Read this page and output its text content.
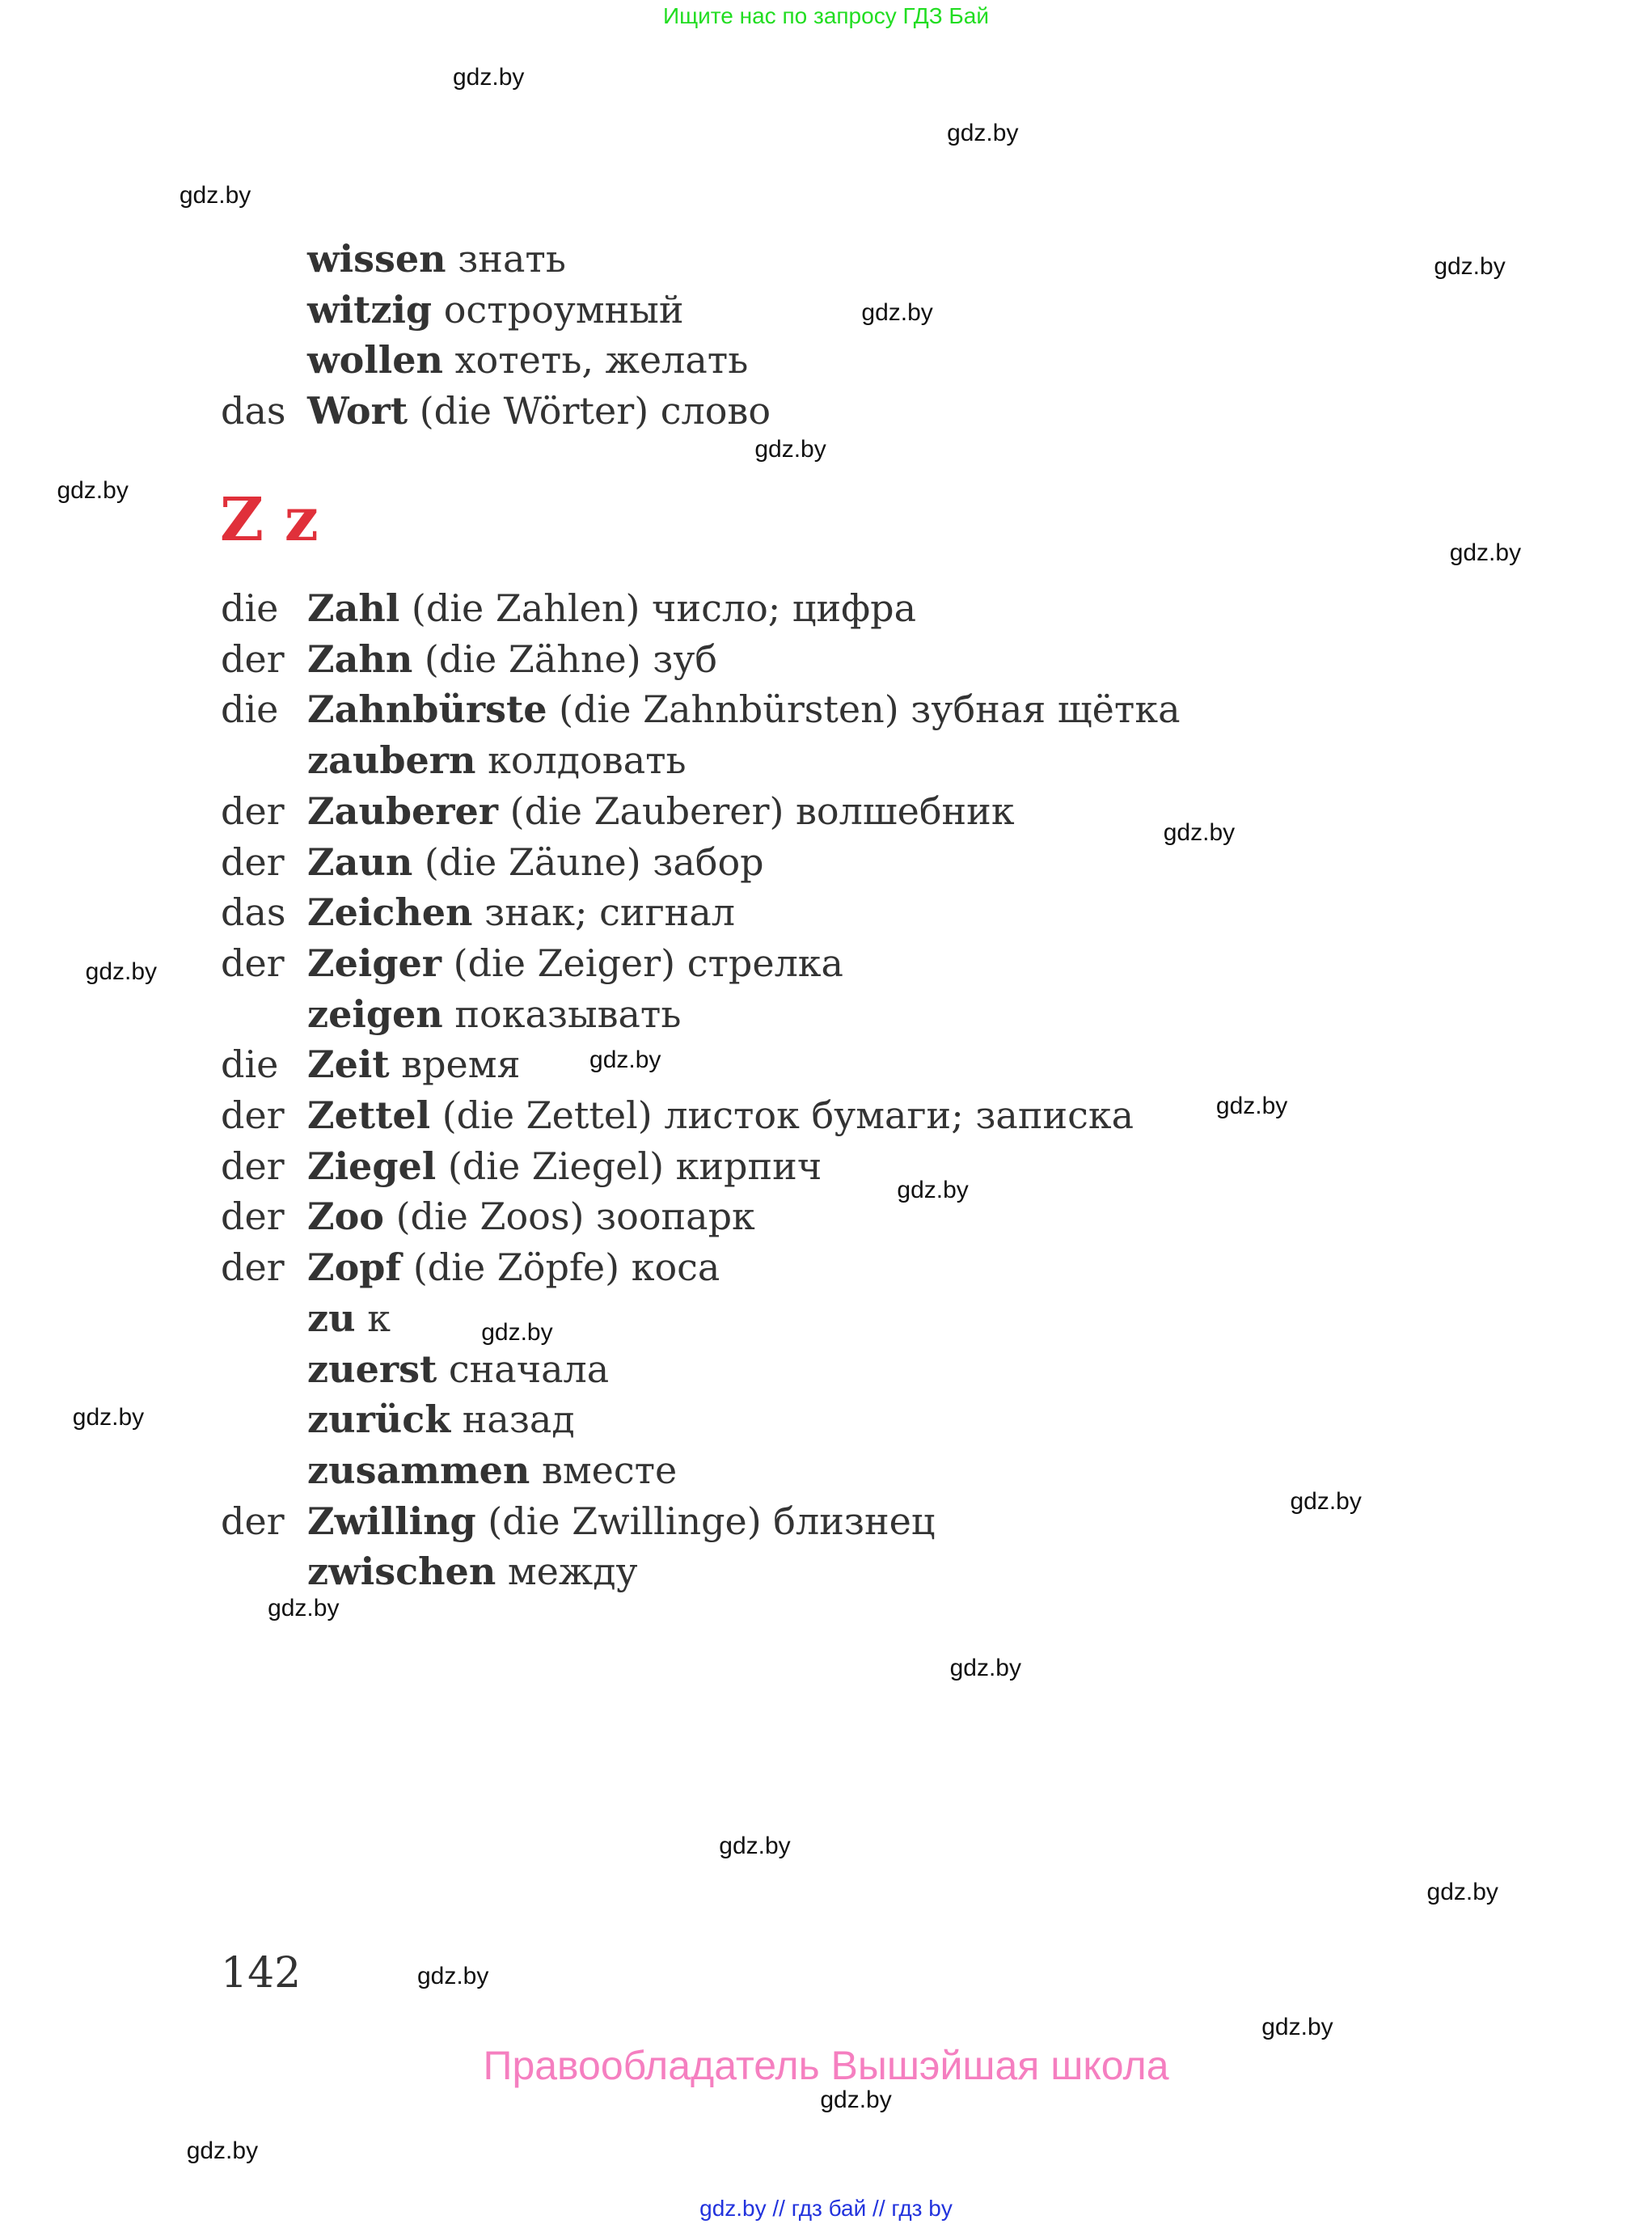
Ищите нас по запросу ГДЗ Бай
gdz.by
gdz.by
gdz.by
gdz.by
gdz.by
gdz.by
gdz.by
gdz.by
gdz.by
gdz.by
gdz.by
gdz.by
gdz.by
gdz.by
gdz.by
gdz.by
gdz.by
gdz.by
gdz.by
gdz.by
gdz.by
gdz.by
gdz.by
gdz.by
wissen знать
witzig остроумный
wollen хотеть, желать
das Wort (die Wörter) слово
die Zahl (die Zahlen) число; цифра
der Zahn (die Zähne) зуб
die Zahnbürste (die Zahnbürsten) зубная щётка
zaubern колдовать
der Zauberer (die Zauberer) волшебник
der Zaun (die Zäune) забор
das Zeichen знак; сигнал
der Zeiger (die Zeiger) стрелка
zeigen показывать
die Zeit время
der Zettel (die Zettel) листок бумаги; записка
der Ziegel (die Ziegel) кирпич
der Zoo (die Zoos) зоопарк
der Zopf (die Zöpfe) коса
zu к
zuerst сначала
zurück назад
zusammen вместе
der Zwilling (die Zwillinge) близнец
zwischen между
Z z
142
Правообладатель Вышэйшая школа
gdz.by // гдз бай // гдз by
